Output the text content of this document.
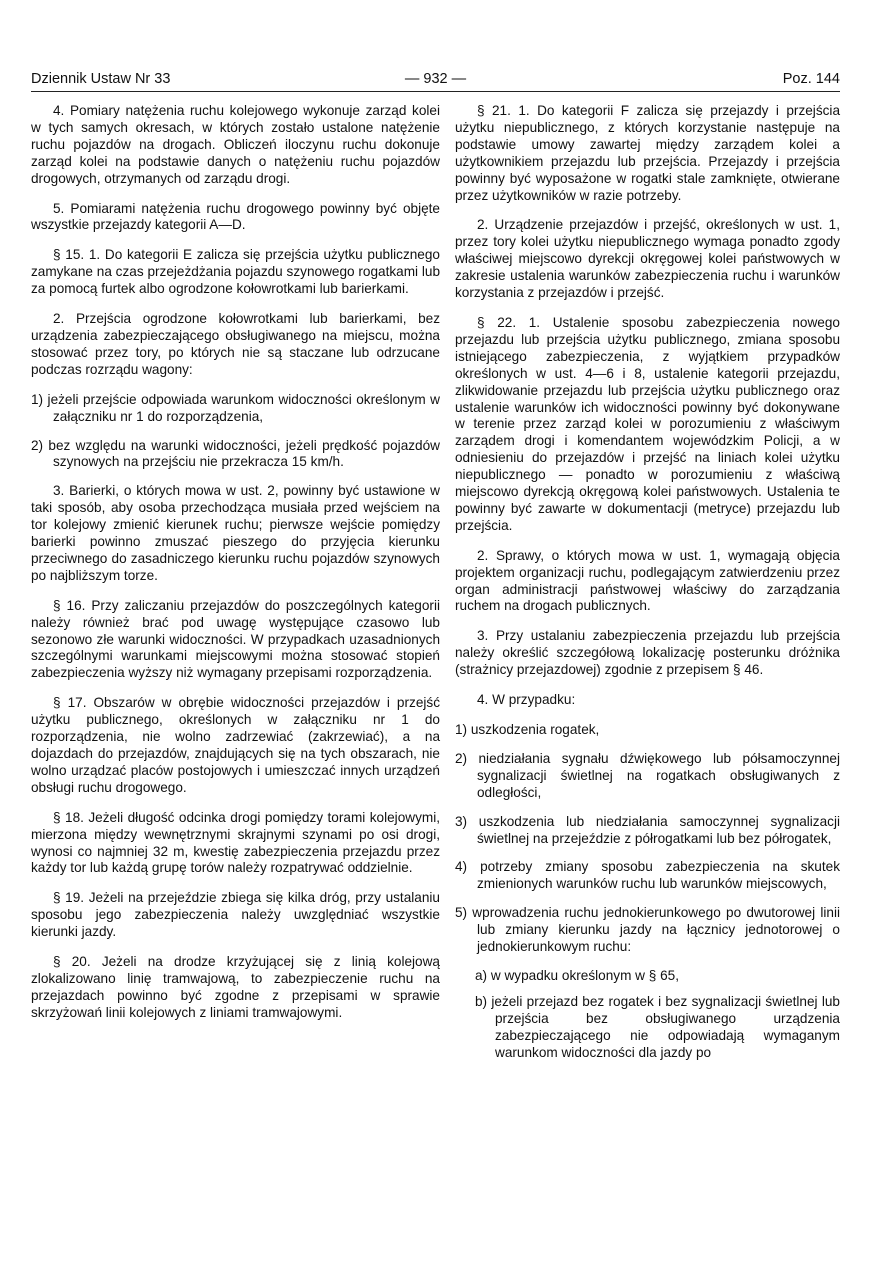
Dziennik Ustaw Nr 33	— 932 —	Poz. 144

4. Pomiary natężenia ruchu kolejowego wykonuje zarząd kolei w tych samych okresach, w których zostało ustalone natężenie ruchu pojazdów na drogach. Obliczeń iloczynu ruchu dokonuje zarząd kolei na podstawie danych o natężeniu ruchu pojazdów drogowych, otrzymanych od zarządu drogi.

5. Pomiarami natężenia ruchu drogowego powinny być objęte wszystkie przejazdy kategorii A—D.

§ 15. 1. Do kategorii E zalicza się przejścia użytku publicznego zamykane na czas przejeżdżania pojazdu szynowego rogatkami lub za pomocą furtek albo ogrodzone kołowrotkami lub barierkami.

2. Przejścia ogrodzone kołowrotkami lub barierkami, bez urządzenia zabezpieczającego obsługiwanego na miejscu, można stosować przez tory, po których nie są staczane lub odrzucane podczas rozrządu wagony:

1) jeżeli przejście odpowiada warunkom widoczności określonym w załączniku nr 1 do rozporządzenia,

2) bez względu na warunki widoczności, jeżeli prędkość pojazdów szynowych na przejściu nie przekracza 15 km/h.

3. Barierki, o których mowa w ust. 2, powinny być ustawione w taki sposób, aby osoba przechodząca musiała przed wejściem na tor kolejowy zmienić kierunek ruchu; pierwsze wejście pomiędzy barierki powinno zmuszać pieszego do przyjęcia kierunku przeciwnego do zasadniczego kierunku ruchu pojazdów szynowych po najbliższym torze.

§ 16. Przy zaliczaniu przejazdów do poszczególnych kategorii należy również brać pod uwagę występujące czasowo lub sezonowo złe warunki widoczności. W przypadkach uzasadnionych szczególnymi warunkami miejscowymi można stosować stopień zabezpieczenia wyższy niż wymagany przepisami rozporządzenia.

§ 17. Obszarów w obrębie widoczności przejazdów i przejść użytku publicznego, określonych w załączniku nr 1 do rozporządzenia, nie wolno zadrzewiać (zakrzewiać), a na dojazdach do przejazdów, znajdujących się na tych obszarach, nie wolno urządzać placów postojowych i umieszczać innych urządzeń obsługi ruchu drogowego.

§ 18. Jeżeli długość odcinka drogi pomiędzy torami kolejowymi, mierzona między wewnętrznymi skrajnymi szynami po osi drogi, wynosi co najmniej 32 m, kwestię zabezpieczenia przejazdu przez każdy tor lub każdą grupę torów należy rozpatrywać oddzielnie.

§ 19. Jeżeli na przejeździe zbiega się kilka dróg, przy ustalaniu sposobu jego zabezpieczenia należy uwzględniać wszystkie kierunki jazdy.

§ 20. Jeżeli na drodze krzyżującej się z linią kolejową zlokalizowano linię tramwajową, to zabezpieczenie ruchu na przejazdach powinno być zgodne z przepisami w sprawie skrzyżowań linii kolejowych z liniami tramwajowymi.

§ 21. 1. Do kategorii F zalicza się przejazdy i przejścia użytku niepublicznego, z których korzystanie następuje na podstawie umowy zawartej między zarządem kolei a użytkownikiem przejazdu lub przejścia. Przejazdy i przejścia powinny być wyposażone w rogatki stale zamknięte, otwierane przez użytkowników w razie potrzeby.

2. Urządzenie przejazdów i przejść, określonych w ust. 1, przez tory kolei użytku niepublicznego wymaga ponadto zgody właściwej miejscowo dyrekcji okręgowej kolei państwowych w zakresie ustalenia warunków zabezpieczenia ruchu i warunków korzystania z przejazdów i przejść.

§ 22. 1. Ustalenie sposobu zabezpieczenia nowego przejazdu lub przejścia użytku publicznego, zmiana sposobu istniejącego zabezpieczenia, z wyjątkiem przypadków określonych w ust. 4—6 i 8, ustalenie kategorii przejazdu, zlikwidowanie przejazdu lub przejścia użytku publicznego oraz ustalenie warunków ich widoczności powinny być dokonywane w terenie przez zarząd kolei w porozumieniu z właściwym zarządem drogi i komendantem wojewódzkim Policji, a w odniesieniu do przejazdów i przejść na liniach kolei użytku niepublicznego — ponadto w porozumieniu z właściwą miejscowo dyrekcją okręgową kolei państwowych. Ustalenia te powinny być zawarte w dokumentacji (metryce) przejazdu lub przejścia.

2. Sprawy, o których mowa w ust. 1, wymagają objęcia projektem organizacji ruchu, podlegającym zatwierdzeniu przez organ administracji państwowej właściwy do zarządzania ruchem na drogach publicznych.

3. Przy ustalaniu zabezpieczenia przejazdu lub przejścia należy określić szczegółową lokalizację posterunku dróżnika (strażnicy przejazdowej) zgodnie z przepisem § 46.

4. W przypadku:

1) uszkodzenia rogatek,

2) niedziałania sygnału dźwiękowego lub półsamoczynnej sygnalizacji świetlnej na rogatkach obsługiwanych z odległości,

3) uszkodzenia lub niedziałania samoczynnej sygnalizacji świetlnej na przejeździe z półrogatkami lub bez półrogatek,

4) potrzeby zmiany sposobu zabezpieczenia na skutek zmienionych warunków ruchu lub warunków miejscowych,

5) wprowadzenia ruchu jednokierunkowego po dwutorowej linii lub zmiany kierunku jazdy na łącznicy jednotorowej o jednokierunkowym ruchu:

a) w wypadku określonym w § 65,

b) jeżeli przejazd bez rogatek i bez sygnalizacji świetlnej lub przejścia bez obsługiwanego urządzenia zabezpieczającego nie odpowiadają wymaganym warunkom widoczności dla jazdy po
